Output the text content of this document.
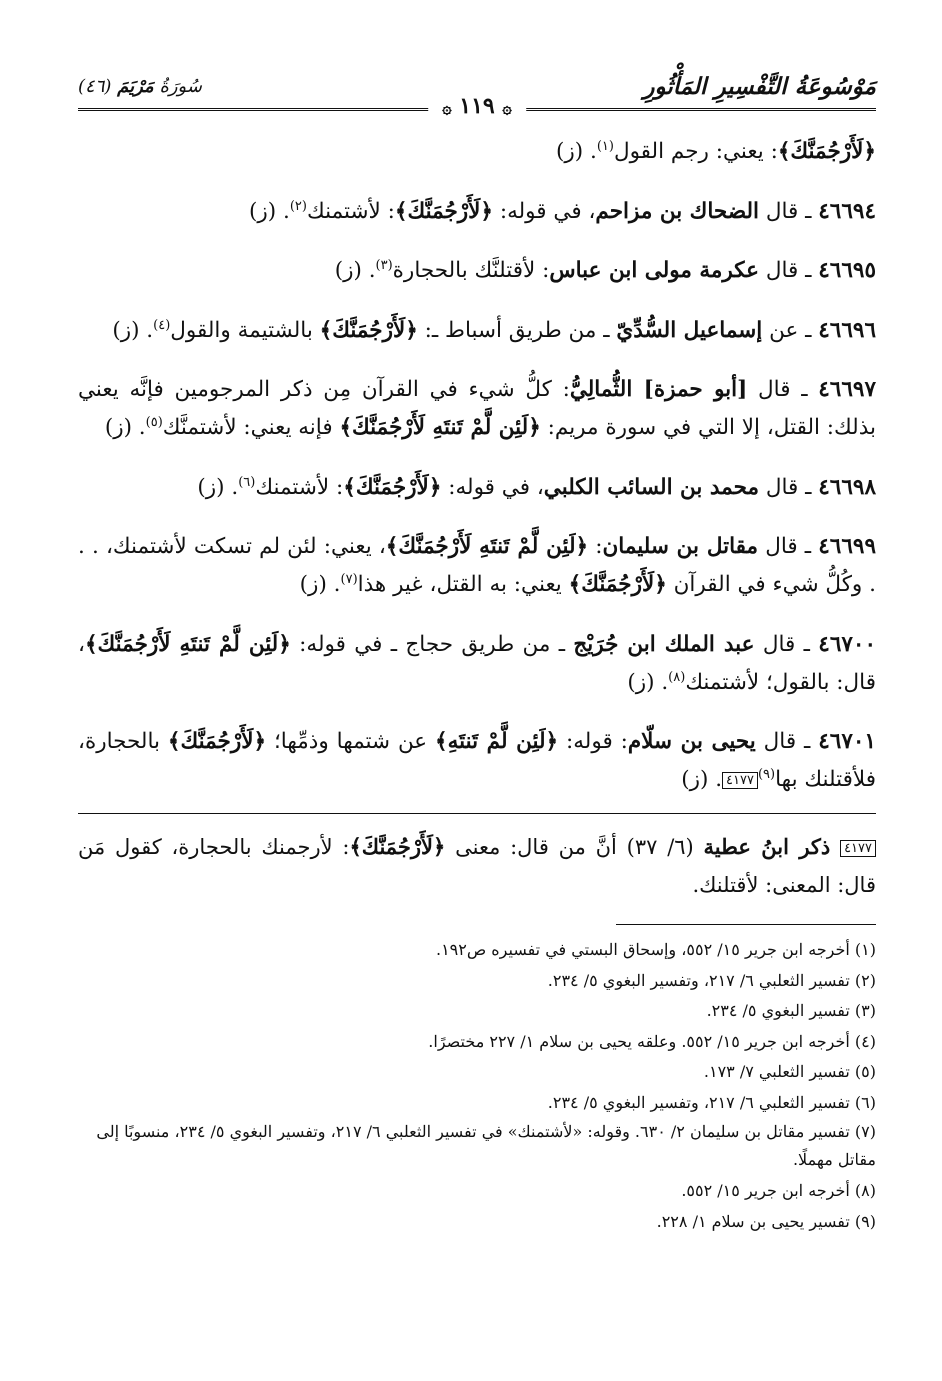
مَوْسُوعَةُ التَّفْسِيرِ المَأْثُورِ
سُورَةُ مَرْيَمَ (٤٦)
۞ ١١٩ ۞

﴿لَأَرْجُمَنَّكَ﴾: يعني: رجم القول$^{(١)}$. (ز)

٤٦٦٩٤ ـ قال الضحاك بن مزاحم، في قوله: ﴿لَأَرْجُمَنَّكَ﴾: لأشتمنك$^{(٢)}$. (ز)

٤٦٦٩٥ ـ قال عكرمة مولى ابن عباس: لأقتلنَّك بالحجارة$^{(٣)}$. (ز)

٤٦٦٩٦ ـ عن إسماعيل السُّدِّيّ ـ من طريق أسباط ـ: ﴿لَأَرْجُمَنَّكَ﴾ بالشتيمة والقول$^{(٤)}$. (ز)

٤٦٦٩٧ ـ قال [أبو حمزة] الثُّمالِيُّ: كلُّ شيء في القرآن مِن ذكر المرجومين فإنَّه يعني بذلك: القتل، إلا التي في سورة مريم: ﴿لَئِن لَّمْ تَنتَهِ لَأَرْجُمَنَّكَ﴾ فإنه يعني: لأشتمنَّك$^{(٥)}$. (ز)

٤٦٦٩٨ ـ قال محمد بن السائب الكلبي، في قوله: ﴿لَأَرْجُمَنَّكَ﴾: لأشتمنك$^{(٦)}$. (ز)

٤٦٦٩٩ ـ قال مقاتل بن سليمان: ﴿لَئِن لَّمْ تَنتَهِ لَأَرْجُمَنَّكَ﴾، يعني: لئن لم تسكت لأشتمنك، . . . وكُلُّ شيء في القرآن ﴿لَأَرْجُمَنَّكَ﴾ يعني: به القتل، غير هذا$^{(٧)}$. (ز)

٤٦٧٠٠ ـ قال عبد الملك ابن جُرَيْج ـ من طريق حجاج ـ في قوله: ﴿لَئِن لَّمْ تَنتَهِ لَأَرْجُمَنَّكَ﴾، قال: بالقول؛ لأشتمنك$^{(٨)}$. (ز)

٤٦٧٠١ ـ قال يحيى بن سلّام: قوله: ﴿لَئِن لَّمْ تَنتَهِ﴾ عن شتمها وذمِّها؛ ﴿لَأَرْجُمَنَّكَ﴾ بالحجارة، فلأقتلنك بها$^{(٩)}$٤١٧٧. (ز)

٤١٧٧ ذكر ابنُ عطية (٦/ ٣٧) أنَّ من قال: معنى ﴿لَأَرْجُمَنَّكَ﴾: لأرجمنك بالحجارة، كقول مَن قال: المعنى: لأقتلنك.

(١) أخرجه ابن جرير ١٥/ ٥٥٢، وإسحاق البستي في تفسيره ص١٩٢.

(٢) تفسير الثعلبي ٦/ ٢١٧، وتفسير البغوي ٥/ ٢٣٤.

(٣) تفسير البغوي ٥/ ٢٣٤.

(٤) أخرجه ابن جرير ١٥/ ٥٥٢. وعلقه يحيى بن سلام ١/ ٢٢٧ مختصرًا.

(٥) تفسير الثعلبي ٧/ ١٧٣.

(٦) تفسير الثعلبي ٦/ ٢١٧، وتفسير البغوي ٥/ ٢٣٤.

(٧) تفسير مقاتل بن سليمان ٢/ ٦٣٠. وقوله: «لأشتمنك» في تفسير الثعلبي ٦/ ٢١٧، وتفسير البغوي ٥/ ٢٣٤، منسوبًا إلى مقاتل مهملًا.

(٨) أخرجه ابن جرير ١٥/ ٥٥٢.

(٩) تفسير يحيى بن سلام ١/ ٢٢٨.
